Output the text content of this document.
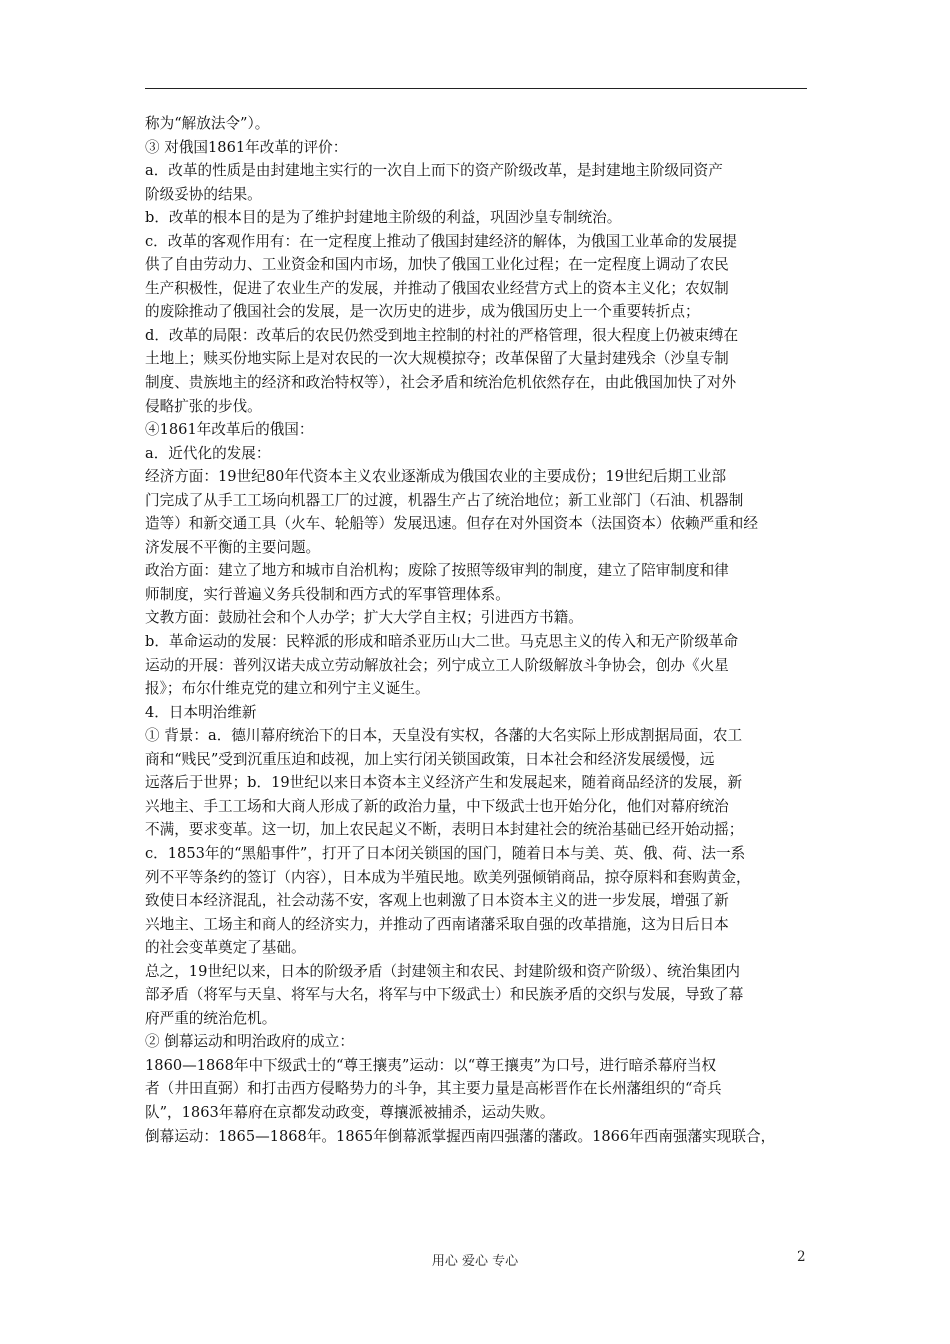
称为“解放法令”）。
③ 对俄国1861年改革的评价：
a．改革的性质是由封建地主实行的一次自上而下的资产阶级改革，是封建地主阶级同资产
阶级妥协的结果。
b．改革的根本目的是为了维护封建地主阶级的利益，巩固沙皇专制统治。
c．改革的客观作用有：在一定程度上推动了俄国封建经济的解体，为俄国工业革命的发展提
供了自由劳动力、工业资金和国内市场，加快了俄国工业化过程；在一定程度上调动了农民
生产积极性，促进了农业生产的发展，并推动了俄国农业经营方式上的资本主义化；农奴制
的废除推动了俄国社会的发展，是一次历史的进步，成为俄国历史上一个重要转折点；
d．改革的局限：改革后的农民仍然受到地主控制的村社的严格管理，很大程度上仍被束缚在
土地上；赎买份地实际上是对农民的一次大规模掠夺；改革保留了大量封建残余（沙皇专制
制度、贵族地主的经济和政治特权等），社会矛盾和统治危机依然存在，由此俄国加快了对外
侵略扩张的步伐。
④1861年改革后的俄国：
a．近代化的发展：
经济方面：19世纪80年代资本主义农业逐渐成为俄国农业的主要成份；19世纪后期工业部
门完成了从手工工场向机器工厂的过渡，机器生产占了统治地位；新工业部门（石油、机器制
造等）和新交通工具（火车、轮船等）发展迅速。但存在对外国资本（法国资本）依赖严重和经
济发展不平衡的主要问题。
政治方面：建立了地方和城市自治机构；废除了按照等级审判的制度，建立了陪审制度和律
师制度，实行普遍义务兵役制和西方式的军事管理体系。
文教方面：鼓励社会和个人办学；扩大大学自主权；引进西方书籍。
b．革命运动的发展：民粹派的形成和暗杀亚历山大二世。马克思主义的传入和无产阶级革命
运动的开展：普列汉诺夫成立劳动解放社会；列宁成立工人阶级解放斗争协会，创办《火星
报》；布尔什维克党的建立和列宁主义诞生。
4．日本明治维新
① 背景：a．德川幕府统治下的日本，天皇没有实权，各藩的大名实际上形成割据局面，农工
商和“贱民”受到沉重压迫和歧视，加上实行闭关锁国政策，日本社会和经济发展缓慢，远
远落后于世界；b．19世纪以来日本资本主义经济产生和发展起来，随着商品经济的发展，新
兴地主、手工工场和大商人形成了新的政治力量，中下级武士也开始分化，他们对幕府统治
不满，要求变革。这一切，加上农民起义不断，表明日本封建社会的统治基础已经开始动摇；
c．1853年的“黑船事件”，打开了日本闭关锁国的国门，随着日本与美、英、俄、荷、法一系
列不平等条约的签订（内容），日本成为半殖民地。欧美列强倾销商品，掠夺原料和套购黄金，
致使日本经济混乱，社会动荡不安，客观上也刺激了日本资本主义的进一步发展，增强了新
兴地主、工场主和商人的经济实力，并推动了西南诸藩采取自强的改革措施，这为日后日本
的社会变革奠定了基础。
总之，19世纪以来，日本的阶级矛盾（封建领主和农民、封建阶级和资产阶级）、统治集团内
部矛盾（将军与天皇、将军与大名，将军与中下级武士）和民族矛盾的交织与发展，导致了幕
府严重的统治危机。
② 倒幕运动和明治政府的成立：
1860—1868年中下级武士的“尊王攘夷”运动：以“尊王攘夷”为口号，进行暗杀幕府当权
者（井田直弼）和打击西方侵略势力的斗争，其主要力量是高彬晋作在长州藩组织的“奇兵
队”，1863年幕府在京都发动政变，尊攘派被捕杀，运动失败。
倒幕运动：1865—1868年。1865年倒幕派掌握西南四强藩的藩政。1866年西南强藩实现联合，
用心 爱心 专心	2
